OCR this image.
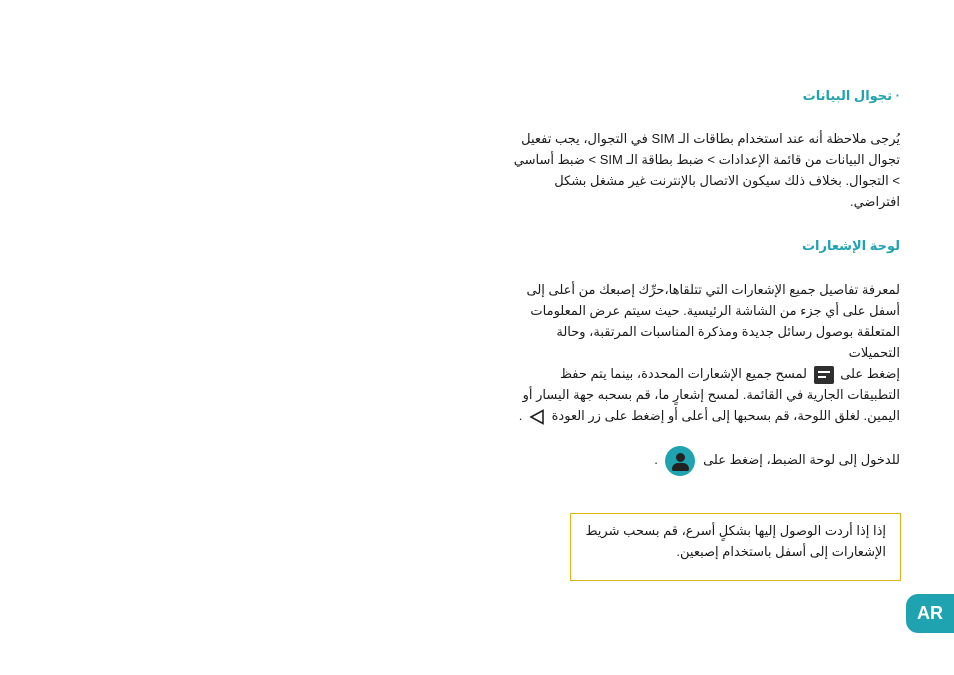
· تجوال البيانات

يُرجى ملاحظة أنه عند استخدام بطاقات الـ SIM في التجوال، يجب تفعيل تجوال البيانات من قائمة الإعدادات > ضبط بطاقة الـ SIM > ضبط أساسي > التجوال. بخلاف ذلك سيكون الاتصال بالإنترنت غير مشغل بشكل افتراضي.

لوحة الإشعارات

لمعرفة تفاصيل جميع الإشعارات التي تتلقاها،حرِّك إصبعك من أعلى إلى أسفل على أي جزء من الشاشة الرئيسية. حيث سيتم عرض المعلومات المتعلقة بوصول رسائل جديدة ومذكرة المناسبات المرتقبة، وحالة التحميلات

إضغط على  لمسح جميع الإشعارات المحددة، بينما يتم حفظ التطبيقات الجارية في القائمة. لمسح إشعارٍ ما، قم بسحبه جهة اليسار أو اليمين. لغلق اللوحة، قم بسحبها إلى أعلى أو إضغط على زر العودة  .

للدخول إلى لوحة الضبط، إضغط على
.

إذا إذا أردت الوصول إليها بشكلٍ أسرع، قم بسحب شريط الإشعارات إلى أسفل باستخدام إصبعين.
AR
